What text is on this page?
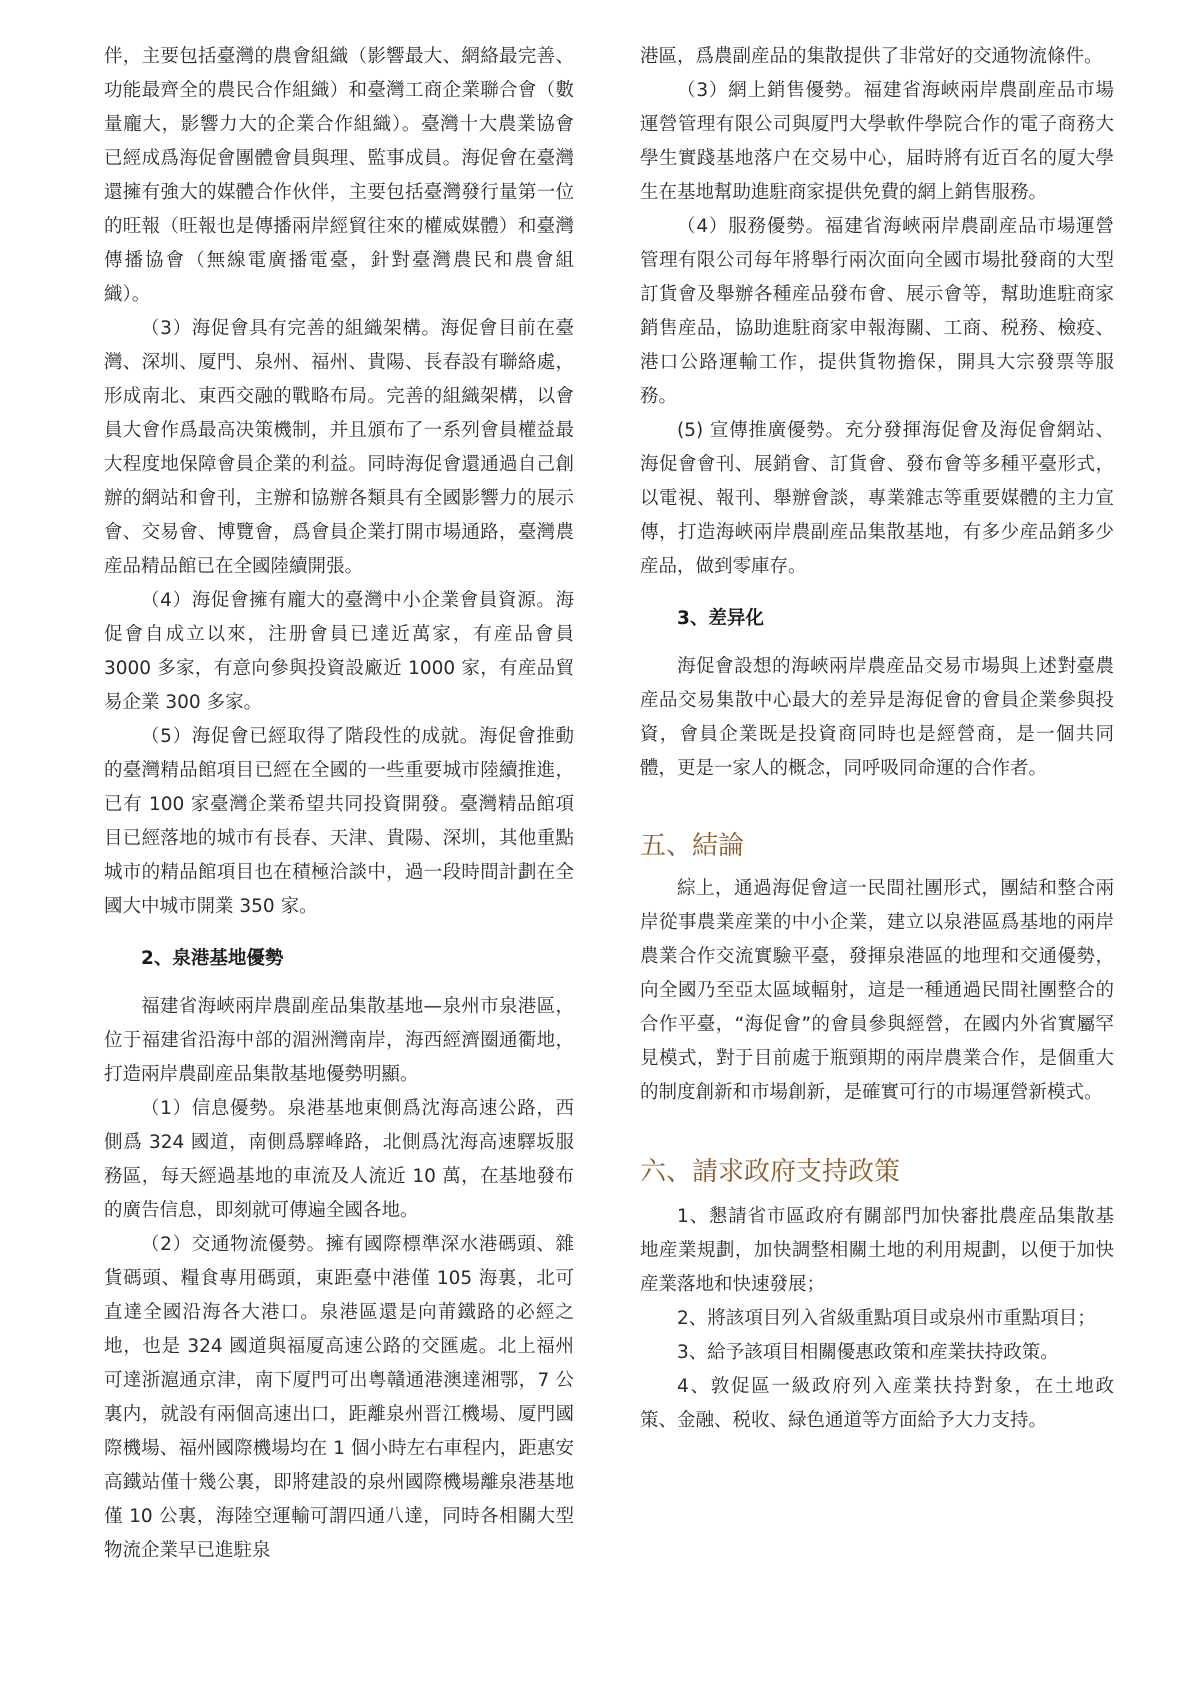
伴，主要包括臺灣的農會組織（影響最大、網絡最完善、功能最齊全的農民合作組織）和臺灣工商企業聯合會（數量龐大，影響力大的企業合作組織）。臺灣十大農業協會已經成爲海促會團體會員與理、監事成員。海促會在臺灣還擁有強大的媒體合作伙伴，主要包括臺灣發行量第一位的旺報（旺報也是傳播兩岸經貿往來的權威媒體）和臺灣傳播協會（無線電廣播電臺，針對臺灣農民和農會組織）。

（3）海促會具有完善的組織架構。海促會目前在臺灣、深圳、厦門、泉州、福州、貴陽、長春設有聯絡處，形成南北、東西交融的戰略布局。完善的組織架構，以會員大會作爲最高决策機制，并且頒布了一系列會員權益最大程度地保障會員企業的利益。同時海促會還通過自己創辦的網站和會刊，主辦和協辦各類具有全國影響力的展示會、交易會、博覽會，爲會員企業打開市場通路，臺灣農産品精品館已在全國陸續開張。

（4）海促會擁有龐大的臺灣中小企業會員資源。海促會自成立以來，注册會員已達近萬家，有産品會員 3000 多家，有意向參與投資設廠近 1000 家，有産品貿易企業 300 多家。

（5）海促會已經取得了階段性的成就。海促會推動的臺灣精品館項目已經在全國的一些重要城市陸續推進，已有 100 家臺灣企業希望共同投資開發。臺灣精品館項目已經落地的城市有長春、天津、貴陽、深圳，其他重點城市的精品館項目也在積極洽談中，過一段時間計劃在全國大中城市開業 350 家。

2、泉港基地優勢

福建省海峽兩岸農副産品集散基地—泉州市泉港區，位于福建省沿海中部的湄洲灣南岸，海西經濟圈通衢地，打造兩岸農副産品集散基地優勢明顯。

（1）信息優勢。泉港基地東側爲沈海高速公路，西側爲 324 國道，南側爲驛峰路，北側爲沈海高速驛坂服務區，每天經過基地的車流及人流近 10 萬，在基地發布的廣告信息，即刻就可傳遍全國各地。

（2）交通物流優勢。擁有國際標準深水港碼頭、雜貨碼頭、糧食專用碼頭，東距臺中港僅 105 海裏，北可直達全國沿海各大港口。泉港區還是向莆鐵路的必經之地，也是 324 國道與福厦高速公路的交匯處。北上福州可達浙滬通京津，南下厦門可出粤贛通港澳達湘鄂，7 公裏内，就設有兩個高速出口，距離泉州晋江機場、厦門國際機場、福州國際機場均在 1 個小時左右車程内，距惠安高鐵站僅十幾公裏，即將建設的泉州國際機場離泉港基地僅 10 公裏，海陸空運輸可謂四通八達，同時各相關大型物流企業早已進駐泉

港區，爲農副産品的集散提供了非常好的交通物流條件。

（3）網上銷售優勢。福建省海峽兩岸農副産品市場運營管理有限公司與厦門大學軟件學院合作的電子商務大學生實踐基地落户在交易中心，届時將有近百名的厦大學生在基地幫助進駐商家提供免費的網上銷售服務。

（4）服務優勢。福建省海峽兩岸農副産品市場運營管理有限公司每年將舉行兩次面向全國市場批發商的大型訂貨會及舉辦各種産品發布會、展示會等，幫助進駐商家銷售産品，協助進駐商家申報海關、工商、税務、檢疫、港口公路運輸工作，提供貨物擔保，開具大宗發票等服務。

(5) 宣傳推廣優勢。充分發揮海促會及海促會網站、海促會會刊、展銷會、訂貨會、發布會等多種平臺形式，以電視、報刊、舉辦會談，專業雜志等重要媒體的主力宣傳，打造海峽兩岸農副産品集散基地，有多少産品銷多少産品，做到零庫存。

3、差异化

海促會設想的海峽兩岸農産品交易市場與上述對臺農産品交易集散中心最大的差异是海促會的會員企業參與投資，會員企業既是投資商同時也是經營商，是一個共同體，更是一家人的概念，同呼吸同命運的合作者。

五、結論

綜上，通過海促會這一民間社團形式，團結和整合兩岸從事農業産業的中小企業，建立以泉港區爲基地的兩岸農業合作交流實驗平臺，發揮泉港區的地理和交通優勢，向全國乃至亞太區域輻射，這是一種通過民間社團整合的合作平臺，“海促會”的會員參與經營，在國内外省實屬罕見模式，對于目前處于瓶頸期的兩岸農業合作，是個重大的制度創新和市場創新，是確實可行的市場運營新模式。

六、請求政府支持政策

1、懇請省市區政府有關部門加快審批農産品集散基地産業規劃，加快調整相關土地的利用規劃，以便于加快産業落地和快速發展；

2、將該項目列入省級重點項目或泉州市重點項目；

3、給予該項目相關優惠政策和産業扶持政策。

4、敦促區一級政府列入産業扶持對象，在土地政策、金融、税收、緑色通道等方面給予大力支持。
